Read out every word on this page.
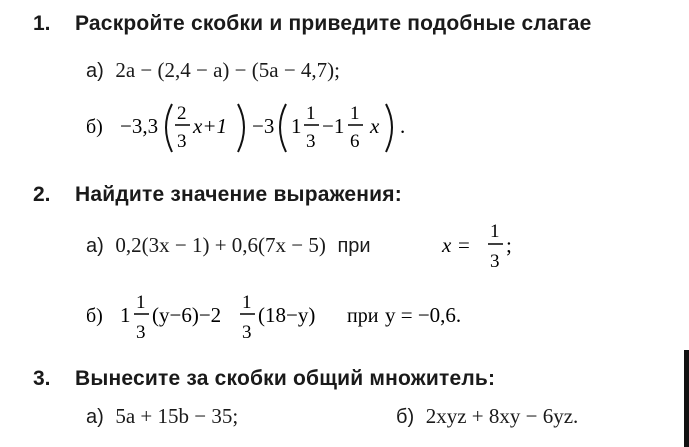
1. Раскройте скобки и приведите подобные слагае
а) 2a − (2,4 − a) − (5a − 4,7);
б) −3,3
2
3
x+1 −3 1
1
3
−1
1
6
x .
2. Найдите значение выражения:
а) 0,2(3x − 1) + 0,6(7x − 5) при	x =
1
3
;
б) 1
1
3
(y−6)−2
1
3
(18−y) при y = −0,6.
3. Вынесите за скобки общий множитель:
а) 5a + 15b − 35;	б) 2xyz + 8xy − 6yz.
